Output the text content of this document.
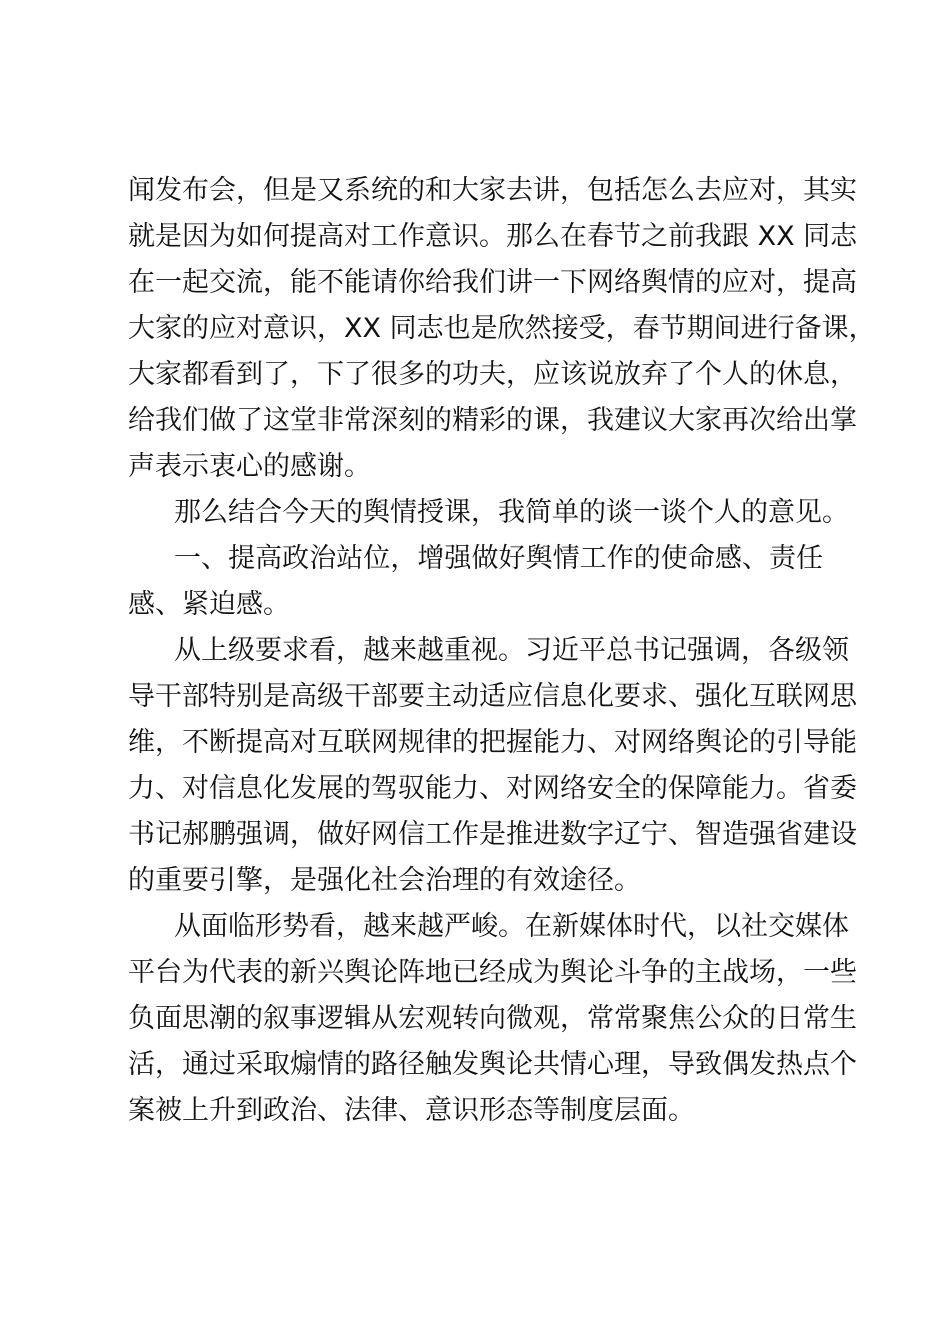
闻发布会，但是又系统的和大家去讲，包括怎么去应对，其实
就是因为如何提高对工作意识。那么在春节之前我跟 XX 同志
在一起交流，能不能请你给我们讲一下网络舆情的应对，提高
大家的应对意识，XX 同志也是欣然接受，春节期间进行备课，
大家都看到了，下了很多的功夫，应该说放弃了个人的休息，
给我们做了这堂非常深刻的精彩的课，我建议大家再次给出掌
声表示衷心的感谢。
那么结合今天的舆情授课，我简单的谈一谈个人的意见。
一、提高政治站位，增强做好舆情工作的使命感、责任
感、紧迫感。
从上级要求看，越来越重视。习近平总书记强调，各级领
导干部特别是高级干部要主动适应信息化要求、强化互联网思
维，不断提高对互联网规律的把握能力、对网络舆论的引导能
力、对信息化发展的驾驭能力、对网络安全的保障能力。省委
书记郝鹏强调，做好网信工作是推进数字辽宁、智造强省建设
的重要引擎，是强化社会治理的有效途径。
从面临形势看，越来越严峻。在新媒体时代，以社交媒体
平台为代表的新兴舆论阵地已经成为舆论斗争的主战场，一些
负面思潮的叙事逻辑从宏观转向微观，常常聚焦公众的日常生
活，通过采取煽情的路径触发舆论共情心理，导致偶发热点个
案被上升到政治、法律、意识形态等制度层面。
